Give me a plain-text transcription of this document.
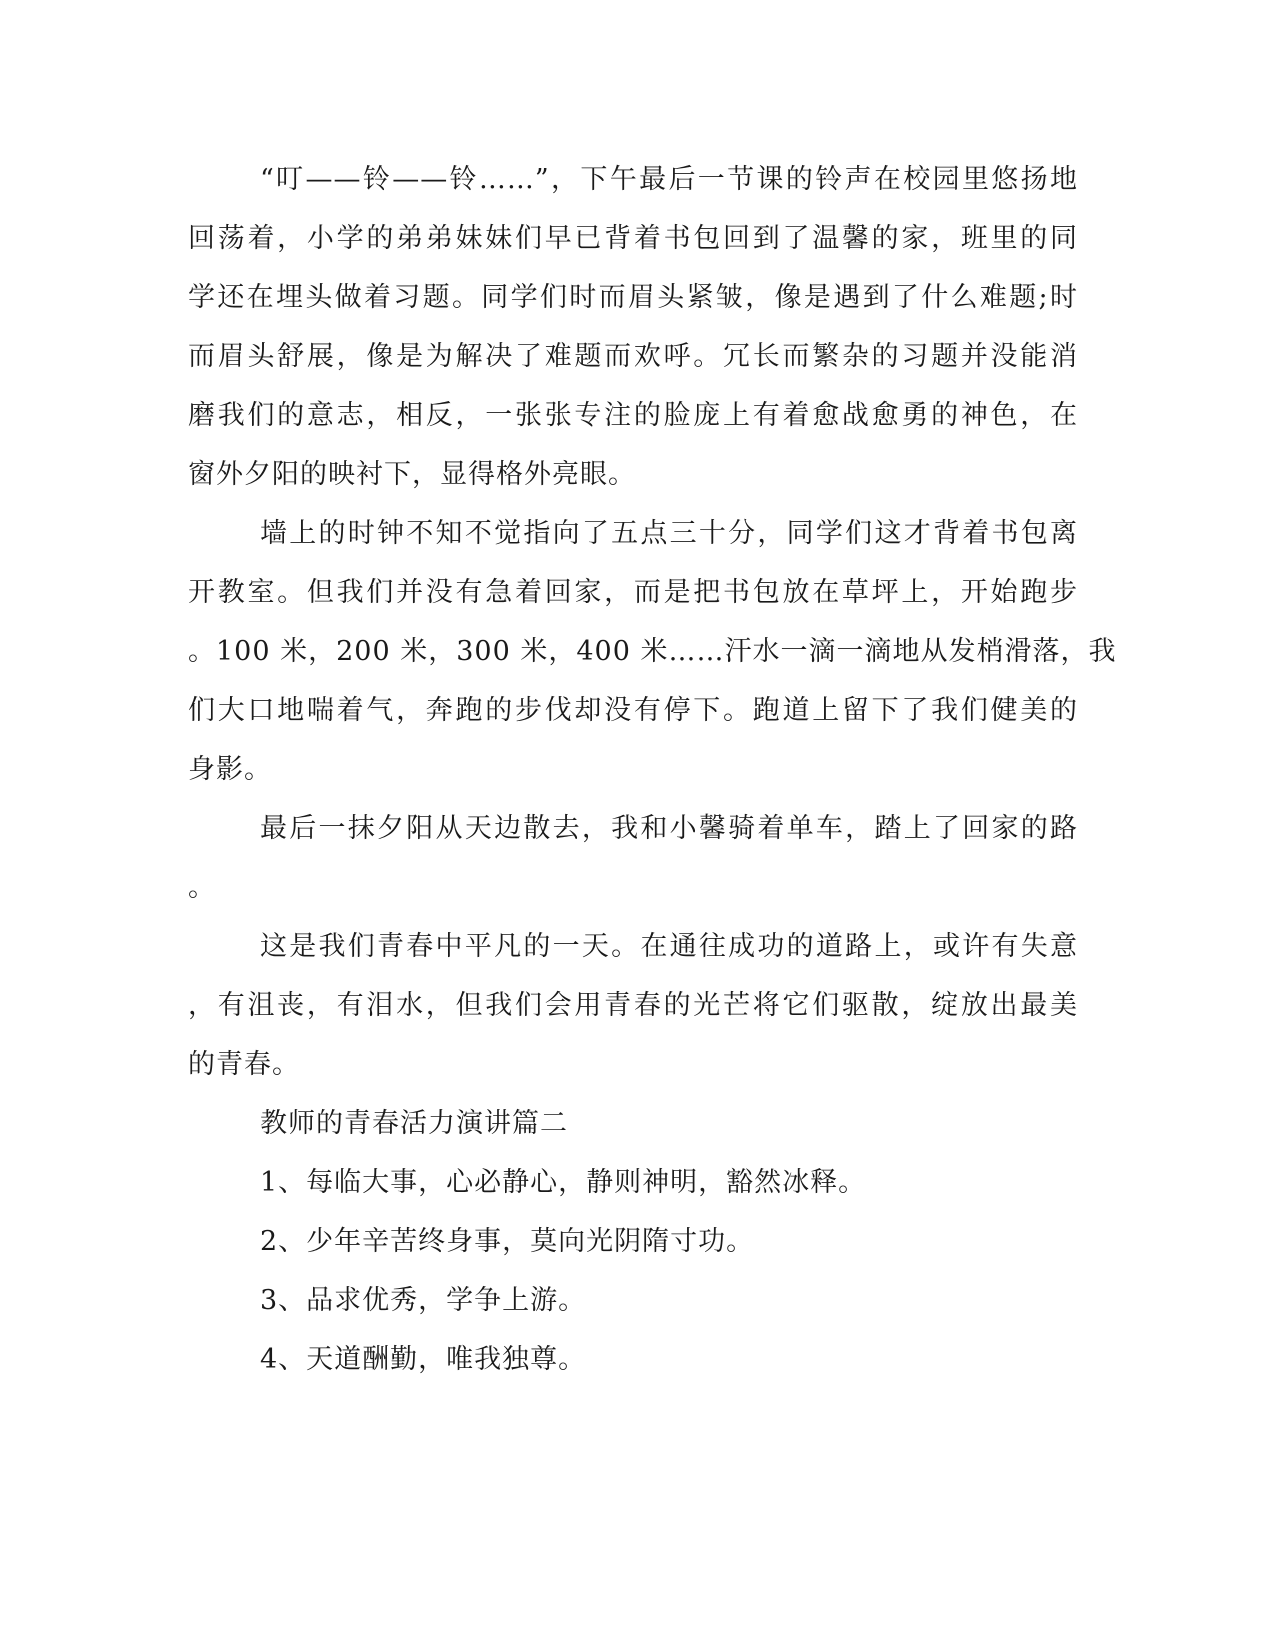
“叮——铃——铃……”，下午最后一节课的铃声在校园里悠扬地
回荡着，小学的弟弟妹妹们早已背着书包回到了温馨的家，班里的同
学还在埋头做着习题。同学们时而眉头紧皱，像是遇到了什么难题;时
而眉头舒展，像是为解决了难题而欢呼。冗长而繁杂的习题并没能消
磨我们的意志，相反，一张张专注的脸庞上有着愈战愈勇的神色，在
窗外夕阳的映衬下，显得格外亮眼。
墙上的时钟不知不觉指向了五点三十分，同学们这才背着书包离
开教室。但我们并没有急着回家，而是把书包放在草坪上，开始跑步
。100 米，200 米，300 米，400 米……汗水一滴一滴地从发梢滑落，我
们大口地喘着气，奔跑的步伐却没有停下。跑道上留下了我们健美的
身影。
最后一抹夕阳从天边散去，我和小馨骑着单车，踏上了回家的路
。
这是我们青春中平凡的一天。在通往成功的道路上，或许有失意
，有沮丧，有泪水，但我们会用青春的光芒将它们驱散，绽放出最美
的青春。
教师的青春活力演讲篇二
1、每临大事，心必静心，静则神明，豁然冰释。
2、少年辛苦终身事，莫向光阴隋寸功。
3、品求优秀，学争上游。
4、天道酬勤，唯我独尊。
